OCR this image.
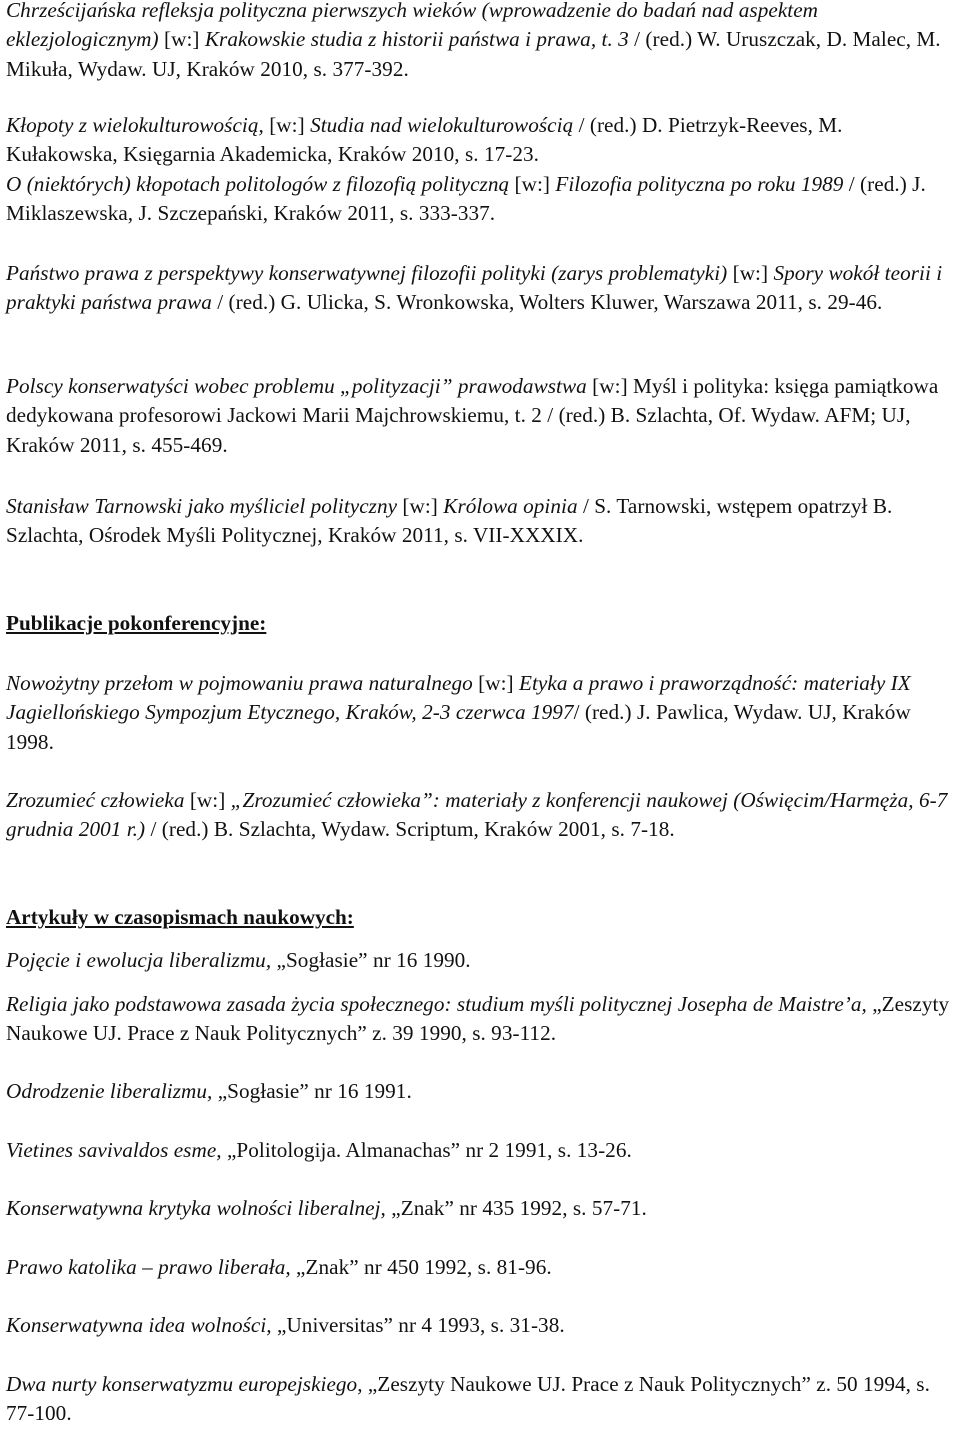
Chrześcijańska refleksja polityczna pierwszych wieków (wprowadzenie do badań nad aspektem eklezjologicznym) [w:] Krakowskie studia z historii państwa i prawa, t. 3 / (red.) W. Uruszczak, D. Malec, M. Mikuła, Wydaw. UJ, Kraków 2010, s. 377-392.
Kłopoty z wielokulturowością, [w:] Studia nad wielokulturowością / (red.) D. Pietrzyk-Reeves, M. Kułakowska, Księgarnia Akademicka, Kraków 2010, s. 17-23.
O (niektórych) kłopotach politologów z filozofią polityczną [w:] Filozofia polityczna po roku 1989 / (red.) J. Miklaszewska, J. Szczepański, Kraków 2011, s. 333-337.
Państwo prawa z perspektywy konserwatywnej filozofii polityki (zarys problematyki) [w:] Spory wokół teorii i praktyki państwa prawa / (red.) G. Ulicka, S. Wronkowska, Wolters Kluwer, Warszawa 2011, s. 29-46.
Polscy konserwatyści wobec problemu „polityzacji” prawodawstwa [w:] Myśl i polityka: księga pamiątkowa dedykowana profesorowi Jackowi Marii Majchrowskiemu, t. 2 / (red.) B. Szlachta, Of. Wydaw. AFM; UJ, Kraków 2011, s. 455-469.
Stanisław Tarnowski jako myśliciel polityczny [w:] Królowa opinia / S. Tarnowski, wstępem opatrzył B. Szlachta, Ośrodek Myśli Politycznej, Kraków 2011, s. VII-XXXIX.
Publikacje pokonferencyjne:
Nowożytny przełom w pojmowaniu prawa naturalnego [w:] Etyka a prawo i praworządność: materiały IX Jagiellońskiego Sympozjum Etycznego, Kraków, 2-3 czerwca 1997/ (red.) J. Pawlica, Wydaw. UJ, Kraków 1998.
Zrozumieć człowieka [w:] „Zrozumieć człowieka”: materiały z konferencji naukowej (Oświęcim/Harmęża, 6-7 grudnia 2001 r.) / (red.) B. Szlachta, Wydaw. Scriptum, Kraków 2001, s. 7-18.
Artykuły w czasopismach naukowych:
Pojęcie i ewolucja liberalizmu, „Sogłasie” nr 16 1990.
Religia jako podstawowa zasada życia społecznego: studium myśli politycznej Josepha de Maistre’a, „Zeszyty Naukowe UJ. Prace z Nauk Politycznych” z. 39 1990, s. 93-112.
Odrodzenie liberalizmu, „Sogłasie” nr 16 1991.
Vietines savivaldos esme, „Politologija. Almanachas” nr 2 1991, s. 13-26.
Konserwatywna krytyka wolności liberalnej, „Znak” nr 435 1992, s. 57-71.
Prawo katolika – prawo liberała, „Znak” nr 450 1992, s. 81-96.
Konserwatywna idea wolności, „Universitas” nr 4 1993, s. 31-38.
Dwa nurty konserwatyzmu europejskiego, „Zeszyty Naukowe UJ. Prace z Nauk Politycznych” z. 50 1994, s. 77-100.
